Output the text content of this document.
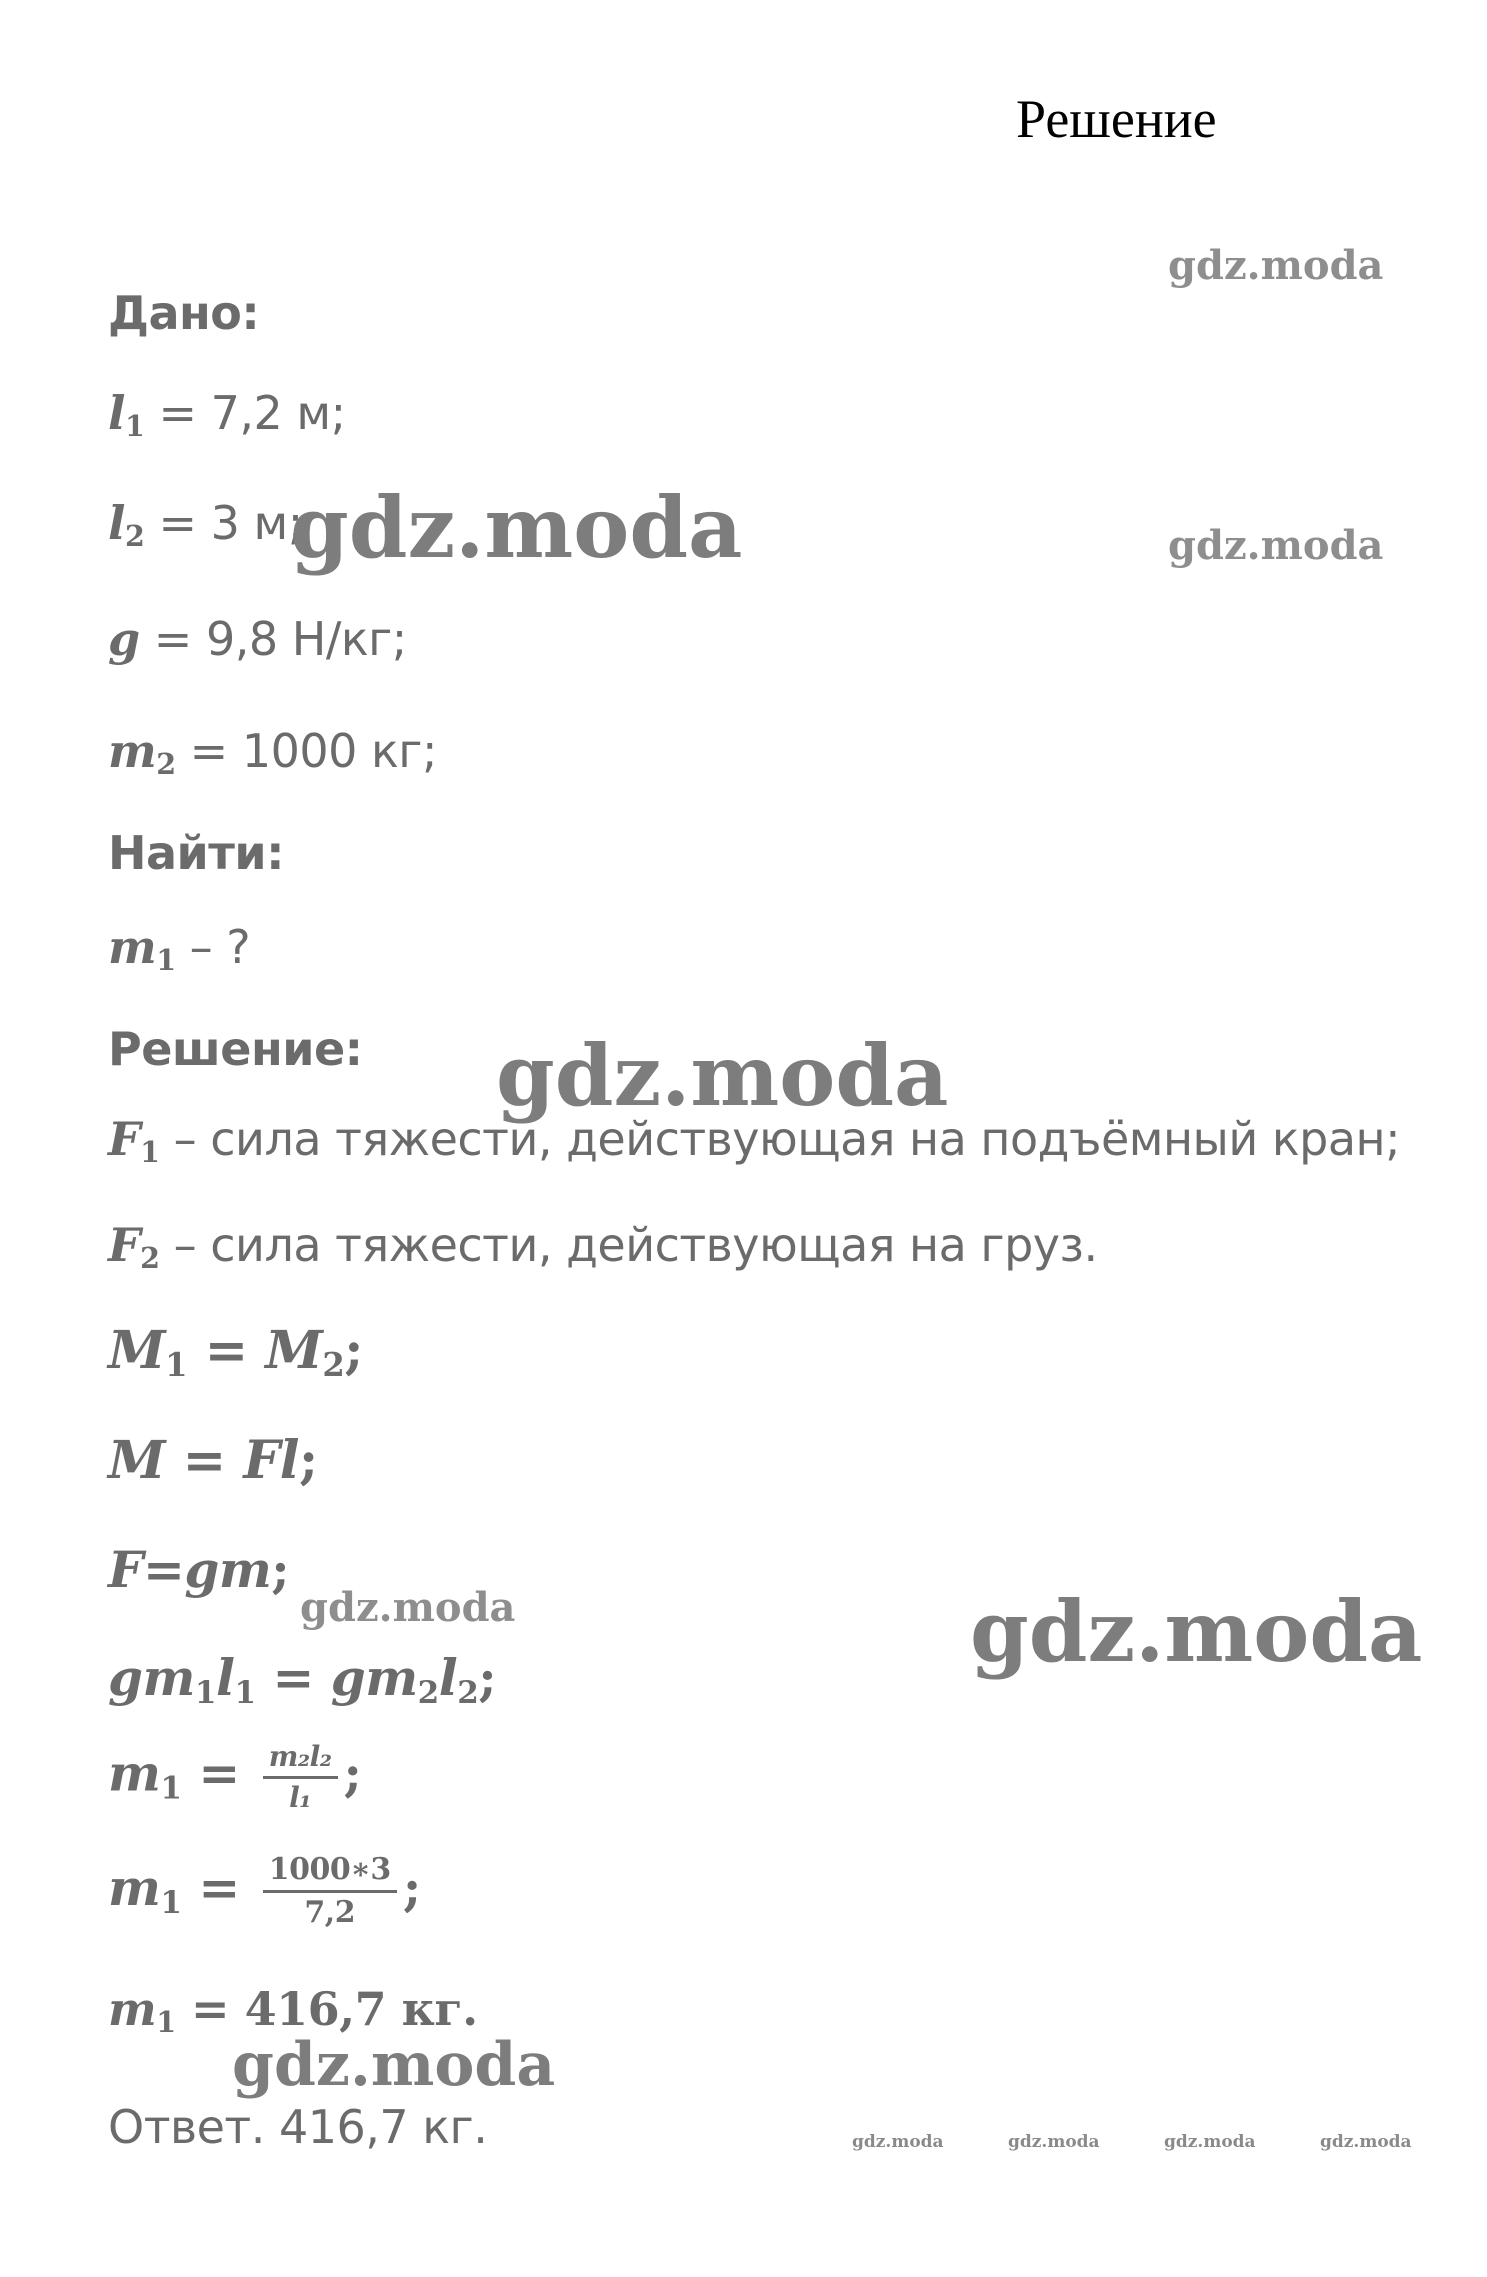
Решение
Дано:
$l_1 = 7,2$ м;
$l_2 = 3$ м;
g = 9,8 Н/кг;
$m_2 = 1000$ кг;
Найти:
$m_1$ – ?
Решение:
$F_1$ – сила тяжести, действующая на подъёмный кран;
$F_2$ – сила тяжести, действующая на груз.
$M_1 = M_2$;
M = Fl;
F=gm;
$gm_1l_1 = gm_2l_2$;
$m_1 = \frac{\text{m₂l₂}}{\text{l₁}}$ ;
$m_1 = \frac{1000∗3}{7,2}$ ;
$m_1 = 416,7$ кг.
Ответ. 416,7 кг.
gdz.moda
gdz.moda	gdz.moda
gdz.moda
gdz.moda	gdz.moda
gdz.moda
gdz.moda	gdz.moda	gdz.moda	gdz.moda
